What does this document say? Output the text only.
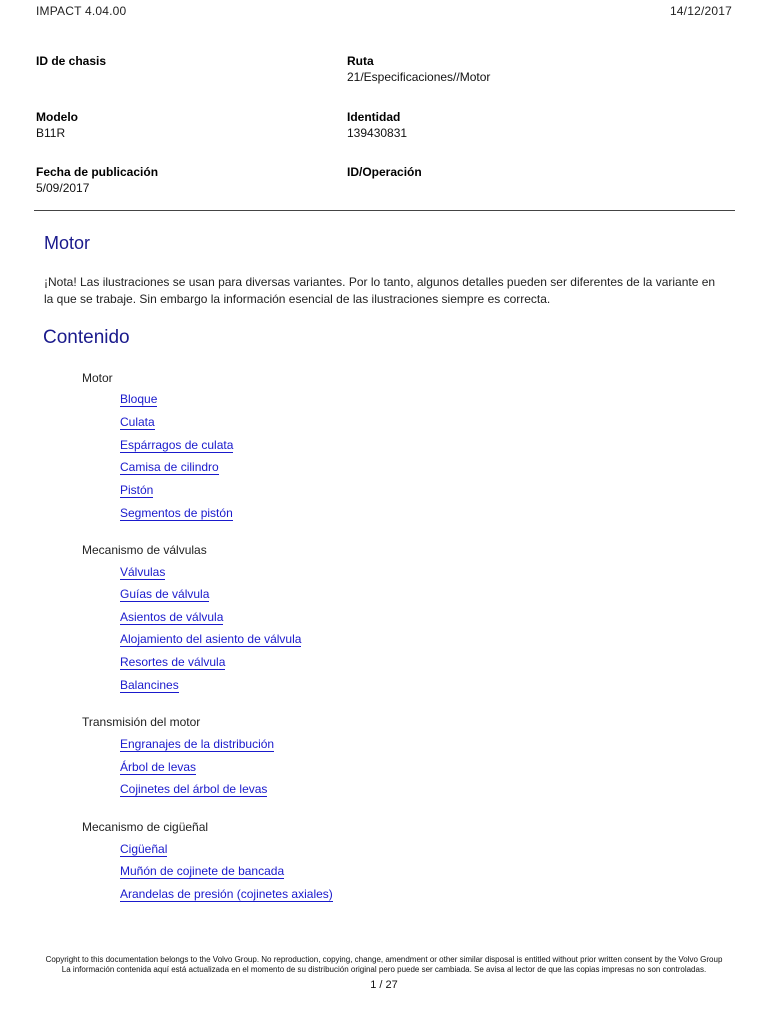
IMPACT 4.04.00	14/12/2017
ID de chasis	Ruta
21/Especificaciones//Motor
Modelo
B11R
Identidad
139430831
Fecha de publicación
5/09/2017
ID/Operación
Motor
¡Nota! Las ilustraciones se usan para diversas variantes. Por lo tanto, algunos detalles pueden ser diferentes de la variante en la que se trabaje. Sin embargo la información esencial de las ilustraciones siempre es correcta.
Contenido
Motor
Bloque
Culata
Espárragos de culata
Camisa de cilindro
Pistón
Segmentos de pistón
Mecanismo de válvulas
Válvulas
Guías de válvula
Asientos de válvula
Alojamiento del asiento de válvula
Resortes de válvula
Balancines
Transmisión del motor
Engranajes de la distribución
Árbol de levas
Cojinetes del árbol de levas
Mecanismo de cigüeñal
Cigüeñal
Muñón de cojinete de bancada
Arandelas de presión (cojinetes axiales)
Copyright to this documentation belongs to the Volvo Group. No reproduction, copying, change, amendment or other similar disposal is entitled without prior written consent by the Volvo Group
La información contenida aquí está actualizada en el momento de su distribución original pero puede ser cambiada. Se avisa al lector de que las copias impresas no son controladas.
1 / 27
